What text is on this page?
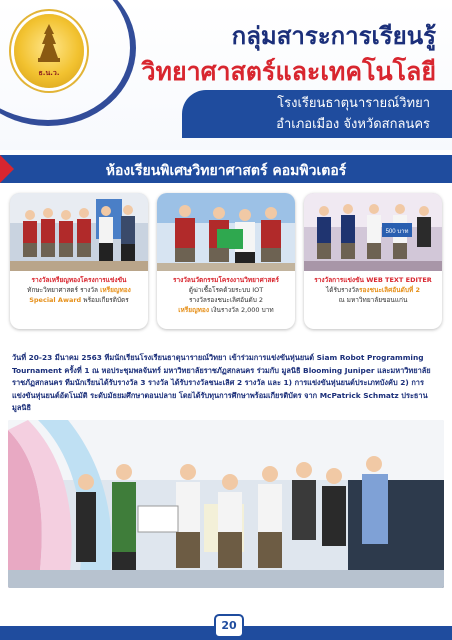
ธ.น.ว.
กลุ่มสาระการเรียนรู้
วิทยาศาสตร์และเทคโนโลยี
โรงเรียนธาตุนารายณ์วิทยา
อำเภอเมือง จังหวัดสกลนคร
ห้องเรียนพิเศษวิทยาศาสตร์ คอมพิวเตอร์
รางวัลเหรียญทองโครงการแข่งขัน
ทักษะวิทยาศาสตร์ รางวัล เหรียญทอง
Special Award พร้อมเกียรติบัตร
รางวัลนวัตกรรมโครงงานวิทยาศาสตร์
ตู้ฆ่าเชื้อโรคด้วยระบบ IOT
รางวัลรองชนะเลิศอันดับ 2
เหรียญทอง เงินรางวัล 2,000 บาท
500 บาท
รางวัลการแข่งขัน WEB TEXT EDITER
ได้รับรางวัลรองชนะเลิศอันดับที่ 2
ณ มหาวิทยาลัยขอนแก่น
วันที่ 20-23 มีนาคม 2563 ทีมนักเรียนโรงเรียนธาตุนารายณ์วิทยา เข้าร่วมการแข่งขันหุ่นยนต์ Siam Robot Programming Tournament ครั้งที่ 1 ณ หอประชุมพลจันทร์ มหาวิทยาลัยราชภัฏสกลนคร ร่วมกับ มูลนิธิ Blooming Juniper และมหาวิทยาลัยราชภัฏสกลนคร ทีมนักเรียนได้รับรางวัล 3 รางวัล ได้รับรางวัลชนะเลิศ 2 รางวัล และ 1) การแข่งขันหุ่นยนต์ประเภทบังคับ 2) การแข่งขันหุ่นยนต์อัตโนมัติ ระดับมัธยมศึกษาตอนปลาย โดยได้รับทุนการศึกษาพร้อมเกียรติบัตร จาก McPatrick Schmatz ประธานมูลนิธิ
20
